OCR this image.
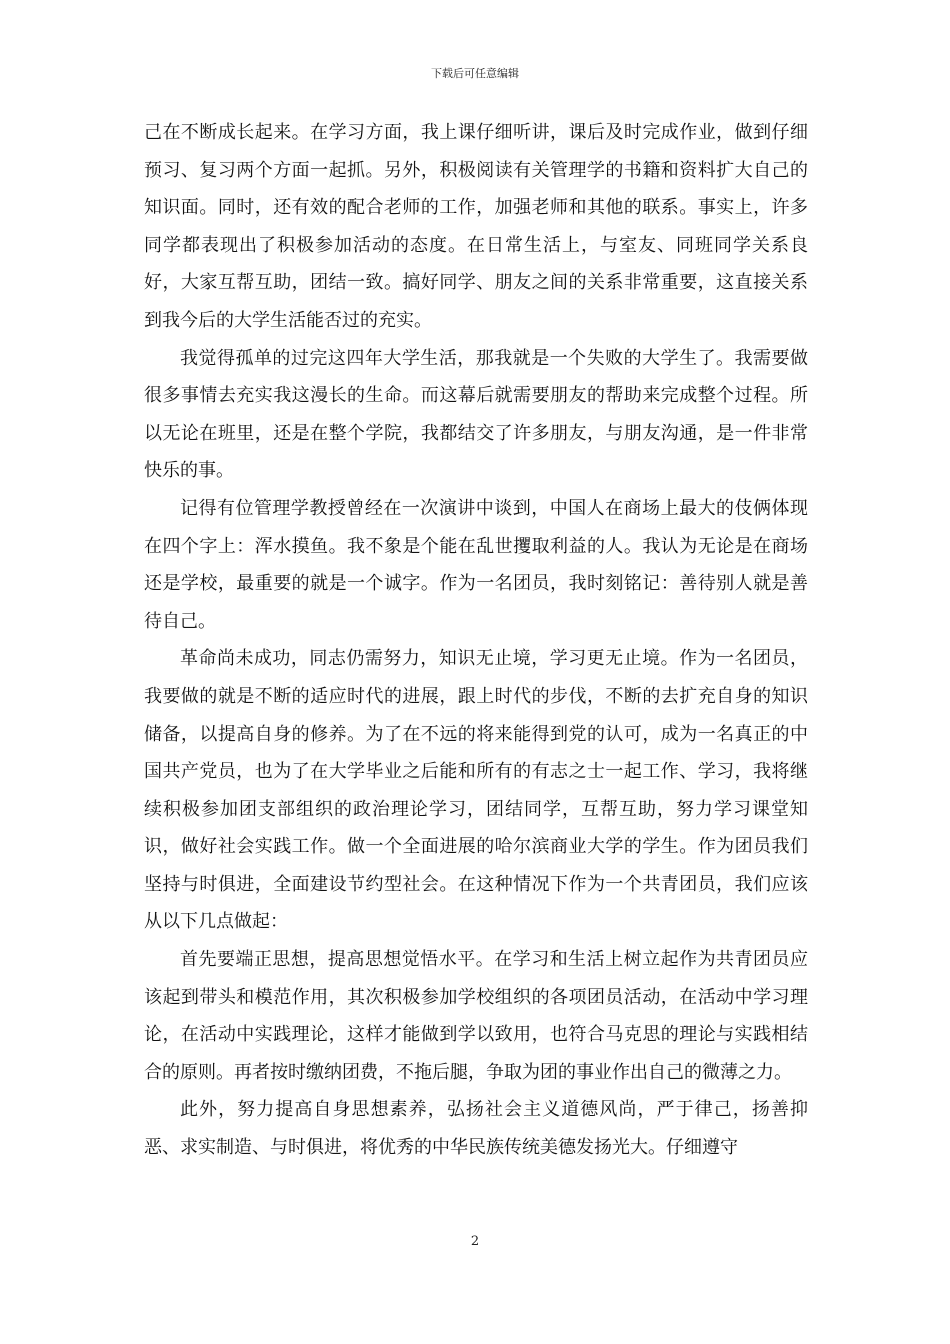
下载后可任意编辑

己在不断成长起来。在学习方面，我上课仔细听讲，课后及时完成作业，做到仔细预习、复习两个方面一起抓。另外，积极阅读有关管理学的书籍和资料扩大自己的知识面。同时，还有效的配合老师的工作，加强老师和其他的联系。事实上，许多同学都表现出了积极参加活动的态度。在日常生活上，与室友、同班同学关系良好，大家互帮互助，团结一致。搞好同学、朋友之间的关系非常重要，这直接关系到我今后的大学生活能否过的充实。

我觉得孤单的过完这四年大学生活，那我就是一个失败的大学生了。我需要做很多事情去充实我这漫长的生命。而这幕后就需要朋友的帮助来完成整个过程。所以无论在班里，还是在整个学院，我都结交了许多朋友，与朋友沟通，是一件非常快乐的事。

记得有位管理学教授曾经在一次演讲中谈到，中国人在商场上最大的伎俩体现在四个字上：浑水摸鱼。我不象是个能在乱世攫取利益的人。我认为无论是在商场还是学校，最重要的就是一个诚字。作为一名团员，我时刻铭记：善待别人就是善待自己。

革命尚未成功，同志仍需努力，知识无止境，学习更无止境。作为一名团员，我要做的就是不断的适应时代的进展，跟上时代的步伐，不断的去扩充自身的知识储备，以提高自身的修养。为了在不远的将来能得到党的认可，成为一名真正的中国共产党员，也为了在大学毕业之后能和所有的有志之士一起工作、学习，我将继续积极参加团支部组织的政治理论学习，团结同学，互帮互助，努力学习课堂知识，做好社会实践工作。做一个全面进展的哈尔滨商业大学的学生。作为团员我们坚持与时俱进，全面建设节约型社会。在这种情况下作为一个共青团员，我们应该从以下几点做起：

首先要端正思想，提高思想觉悟水平。在学习和生活上树立起作为共青团员应该起到带头和模范作用，其次积极参加学校组织的各项团员活动，在活动中学习理论，在活动中实践理论，这样才能做到学以致用，也符合马克思的理论与实践相结合的原则。再者按时缴纳团费，不拖后腿，争取为团的事业作出自己的微薄之力。

此外，努力提高自身思想素养，弘扬社会主义道德风尚，严于律己，扬善抑恶、求实制造、与时俱进，将优秀的中华民族传统美德发扬光大。仔细遵守

2
